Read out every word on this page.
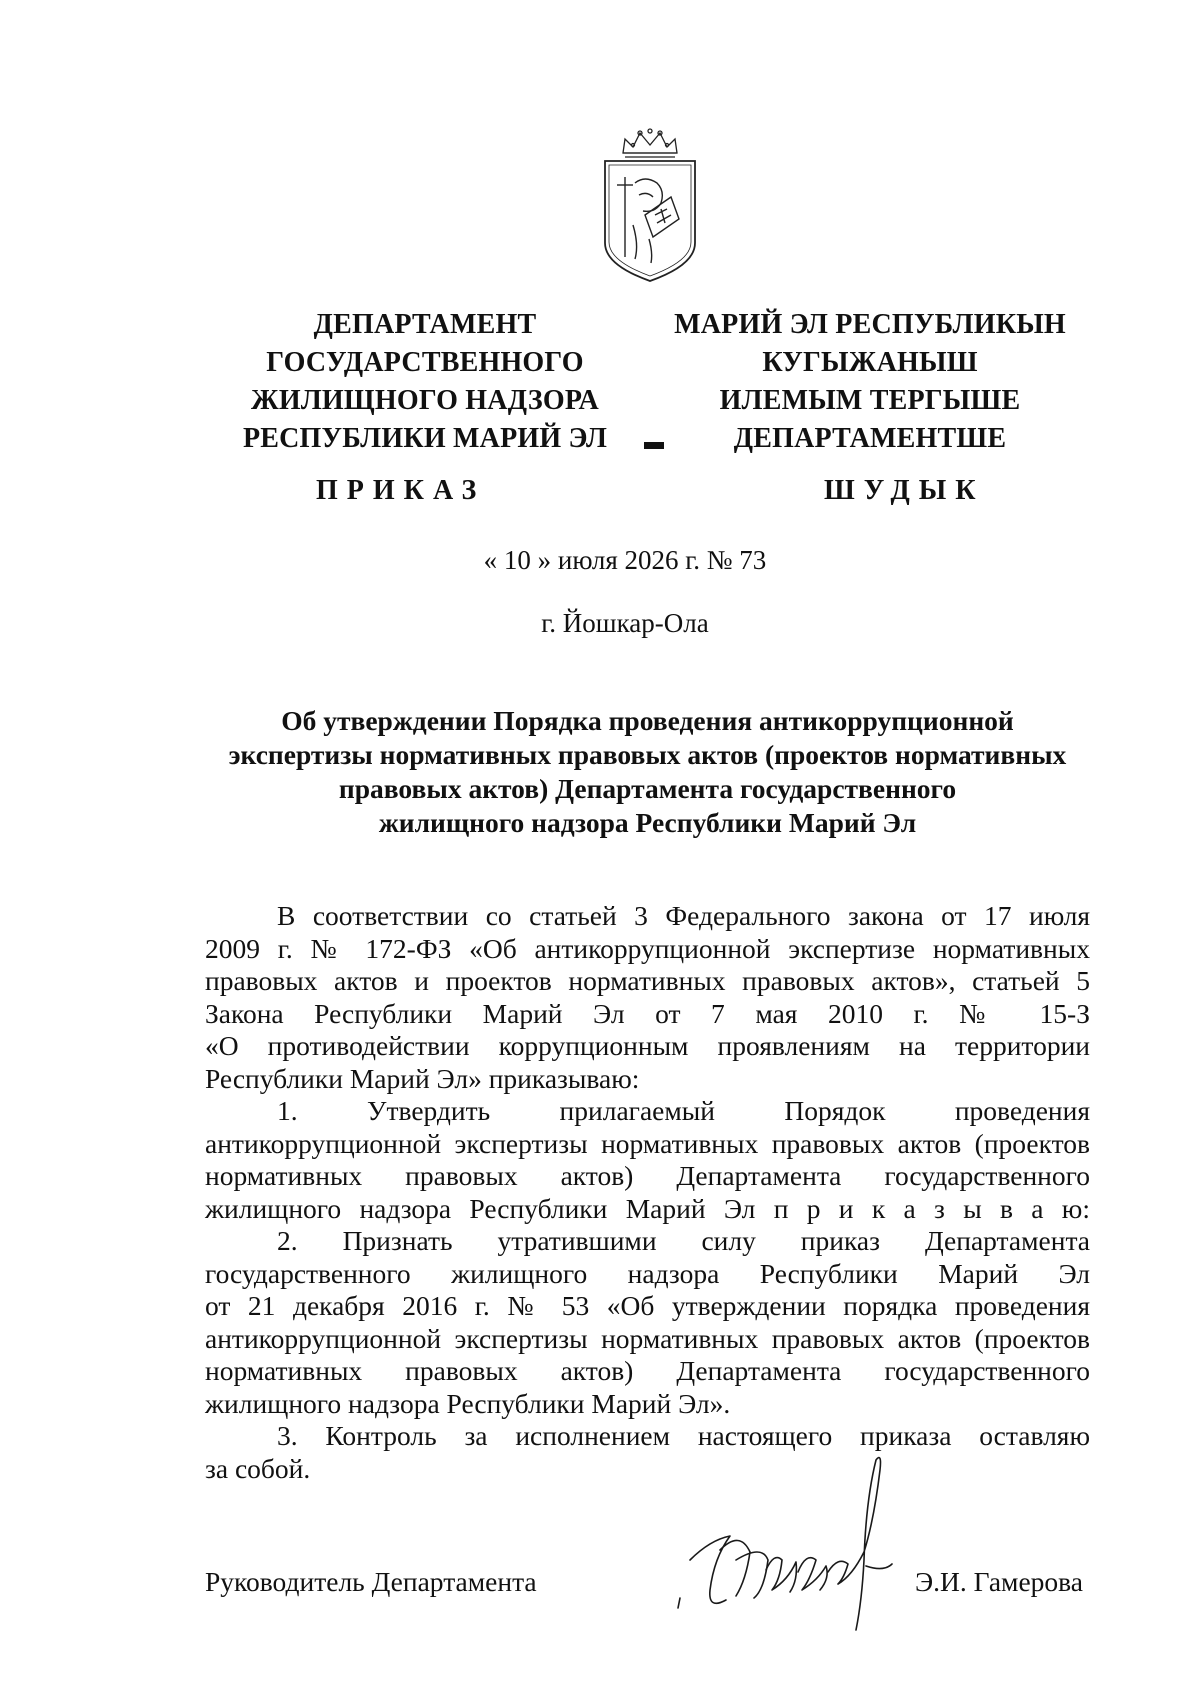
ДЕПАРТАМЕНТ
ГОСУДАРСТВЕННОГО
ЖИЛИЩНОГО НАДЗОРА
РЕСПУБЛИКИ МАРИЙ ЭЛ
МАРИЙ ЭЛ РЕСПУБЛИКЫН
КУГЫЖАНЫШ
ИЛЕМЫМ ТЕРГЫШЕ
ДЕПАРТАМЕНТШЕ
ПРИКАЗ	ШУДЫК
« 10 » июля 2026 г. № 73
г. Йошкар-Ола
Об утверждении Порядка проведения антикоррупционной
экспертизы нормативных правовых актов (проектов нормативных
правовых актов) Департамента государственного
жилищного надзора Республики Марий Эл
В соответствии со статьей 3 Федерального закона от 17 июля
2009 г. № 172-ФЗ «Об антикоррупционной экспертизе нормативных
правовых актов и проектов нормативных правовых актов», статьей 5
Закона Республики Марий Эл от 7 мая 2010 г. № 15-З
«О противодействии коррупционным проявлениям на территории
Республики Марий Эл» приказываю:
1. Утвердить прилагаемый Порядок проведения
антикоррупционной экспертизы нормативных правовых актов (проектов
нормативных правовых актов) Департамента государственного
жилищного надзора Республики Марий Эл п р и к а з ы в а ю:
2. Признать утратившими силу приказ Департамента
государственного жилищного надзора Республики Марий Эл
от 21 декабря 2016 г. № 53 «Об утверждении порядка проведения
антикоррупционной экспертизы нормативных правовых актов (проектов
нормативных правовых актов) Департамента государственного
жилищного надзора Республики Марий Эл».
3. Контроль за исполнением настоящего приказа оставляю
за собой.
Руководитель Департамента	Э.И. Гамерова
